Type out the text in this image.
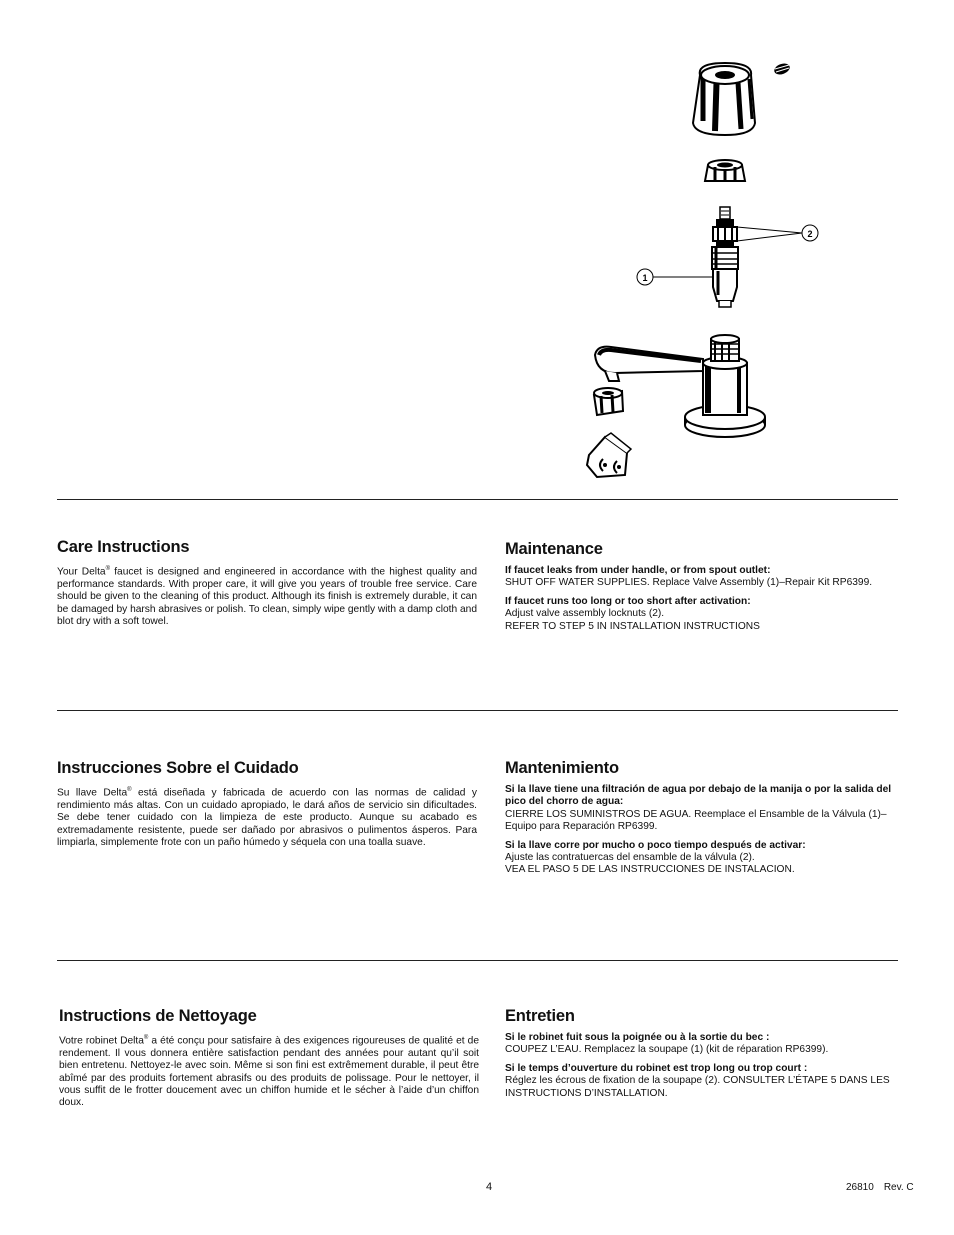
2
1
Care Instructions

Your Delta® faucet is designed and engineered in accordance with the highest quality and performance standards. With proper care, it will give you years of trouble free service. Care should be given to the cleaning of this product. Although its finish is extremely durable, it can be damaged by harsh abrasives or polish. To clean, simply wipe gently with a damp cloth and blot dry with a soft towel.

Maintenance

If faucet leaks from under handle, or from spout outlet:

SHUT OFF WATER SUPPLIES. Replace Valve Assembly (1)–Repair Kit RP6399.

If faucet runs too long or too short after activation:

Adjust valve assembly locknuts (2).
REFER TO STEP 5 IN INSTALLATION INSTRUCTIONS

Instrucciones Sobre el Cuidado

Su llave Delta® está diseñada y fabricada de acuerdo con las normas de calidad y rendimiento más altas. Con un cuidado apropiado, le dará años de servicio sin dificultades. Se debe tener cuidado con la limpieza de este producto. Aunque su acabado es extremadamente resistente, puede ser dañado por abrasivos o pulimentos ásperos. Para limpiarla, simplemente frote con un paño húmedo y séquela con una toalla suave.

Mantenimiento

Si la llave tiene una filtración de agua por debajo de la manija o por la salida del pico del chorro de agua:

CIERRE LOS SUMINISTROS DE AGUA. Reemplace el Ensamble de la Válvula (1)–Equipo para Reparación RP6399.

Si la llave corre por mucho o poco tiempo después de activar:

Ajuste las contratuercas del ensamble de la válvula (2).
VEA EL PASO 5 DE LAS INSTRUCCIONES DE INSTALACION.

Instructions de Nettoyage

Votre robinet Delta® a été conçu pour satisfaire à des exigences rigoureuses de qualité et de rendement. Il vous donnera entière satisfaction pendant des années pour autant qu’il soit bien entretenu. Nettoyez-le avec soin. Même si son fini est extrêmement durable, il peut être abîmé par des produits fortement abrasifs ou des produits de polissage. Pour le nettoyer, il vous suffit de le frotter doucement avec un chiffon humide et le sécher à l’aide d’un chiffon doux.

Entretien

Si le robinet fuit sous la poignée ou à la sortie du bec :

COUPEZ L’EAU. Remplacez la soupape (1) (kit de réparation RP6399).

Si le temps d’ouverture du robinet est trop long ou trop court :

Réglez les écrous de fixation de la soupape (2). CONSULTER L’ÉTAPE 5 DANS LES INSTRUCTIONS D’INSTALLATION.

4	26810 Rev. C
